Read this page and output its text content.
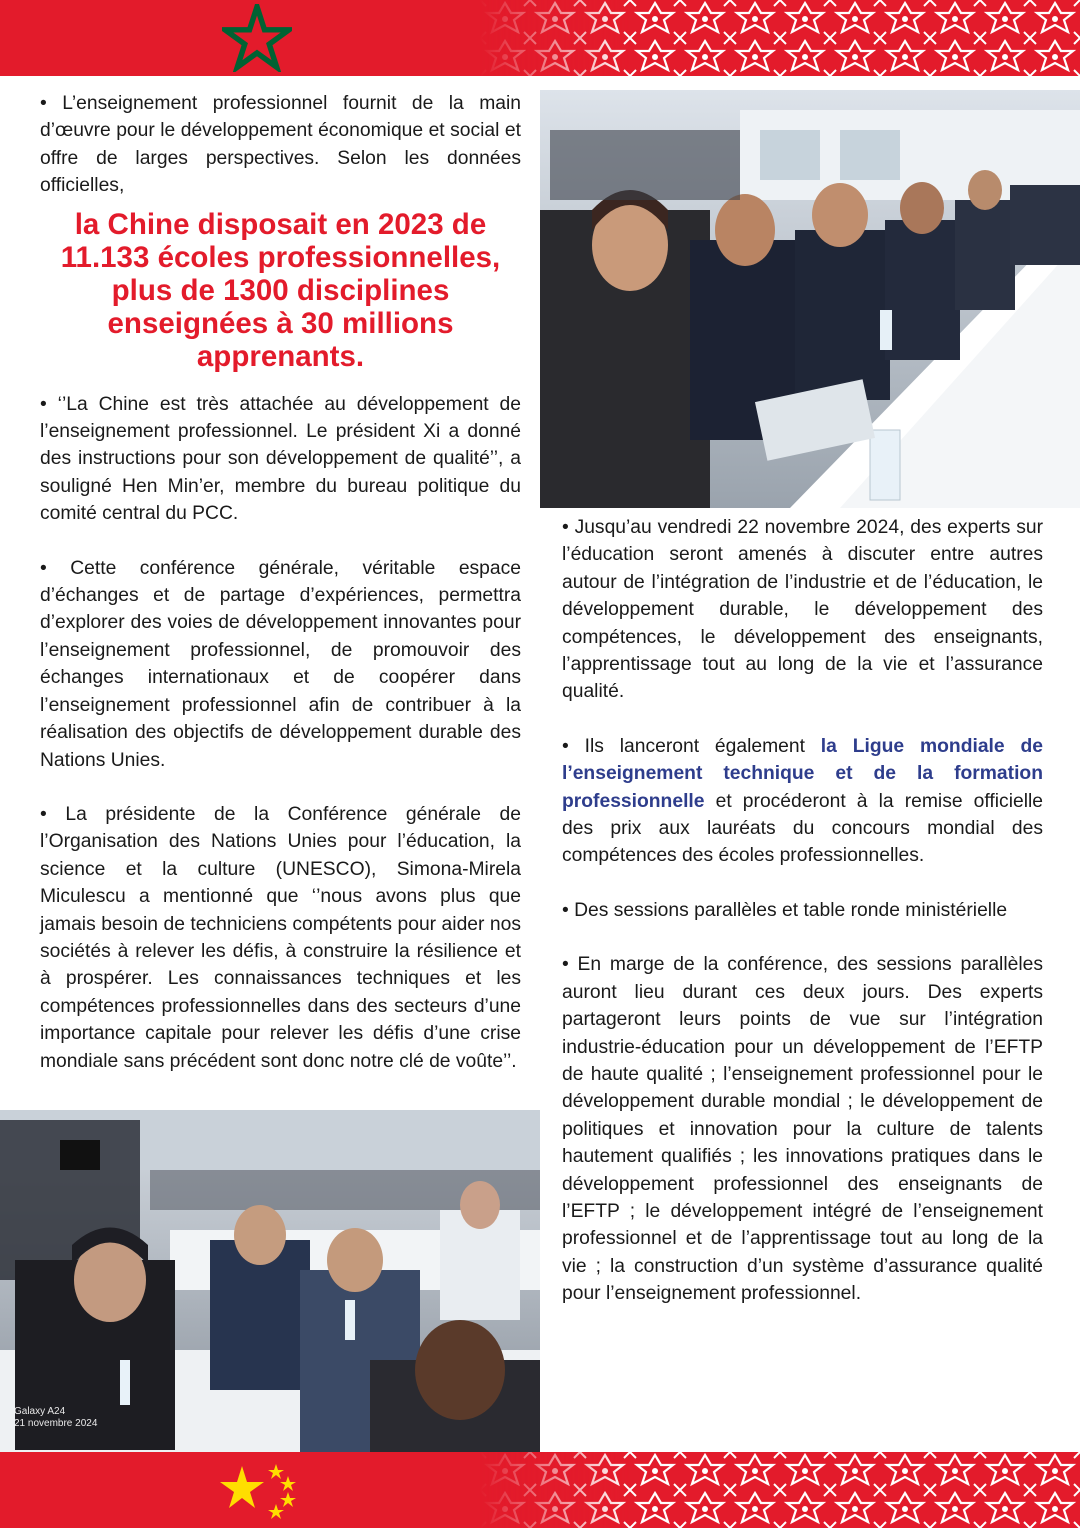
• L’enseignement professionnel fournit de la main d’œuvre pour le développement économique et social et offre de larges perspectives. Selon les données officielles,

la Chine disposait en 2023 de 11.133 écoles professionnelles, plus de 1300 disciplines enseignées à 30 millions apprenants.

• ‘’La Chine est très attachée au développement de l’enseignement professionnel. Le président Xi a donné des instructions pour son développement de qualité’’, a souligné Hen Min’er, membre du bureau politique du comité central du PCC.

• Cette conférence générale, véritable espace d’échanges et de partage d’expériences, permettra d’explorer des voies de développement innovantes pour l’enseignement professionnel, de promouvoir des échanges internationaux et de coopérer dans l’enseignement professionnel afin de contribuer à la réalisation des objectifs de développement durable des Nations Unies.

• La présidente de la Conférence générale de l’Organisation des Nations Unies pour l’éducation, la science et la culture (UNESCO), Simona-Mirela Miculescu a mentionné que ‘’nous avons plus que jamais besoin de techniciens compétents pour aider nos sociétés à relever les défis, à construire la résilience et à prospérer. Les connaissances techniques et les compétences professionnelles dans des secteurs d’une importance capitale pour relever les défis d’une crise mondiale sans précédent sont donc notre clé de voûte’’.

• Jusqu’au vendredi 22 novembre 2024, des experts sur l’éducation seront amenés à discuter entre autres autour de l’intégration de l’industrie et de l’éducation, le développement durable, le développement des compétences, le développement des enseignants, l’apprentissage tout au long de la vie et l’assurance qualité.

• Ils lanceront également la Ligue mondiale de l’enseignement technique et de la formation professionnelle et procéderont à la remise officielle des prix aux lauréats du concours mondial des compétences des écoles professionnelles.

• Des sessions parallèles et table ronde ministérielle

• En marge de la conférence, des sessions parallèles auront lieu durant ces deux jours. Des experts partageront leurs points de vue sur l’intégration industrie-éducation pour un développement de l’EFTP de haute qualité ; l’enseignement professionnel pour le développement durable mondial ; le développement de politiques et innovation pour la culture de talents hautement qualifiés ; les innovations pratiques dans le développement professionnel des enseignants de l’EFTP ; le développement intégré de l’enseignement professionnel et de l’apprentissage tout au long de la vie ; la construction d’un système d’assurance qualité pour l’enseignement professionnel.

Galaxy A24
21 novembre 2024
